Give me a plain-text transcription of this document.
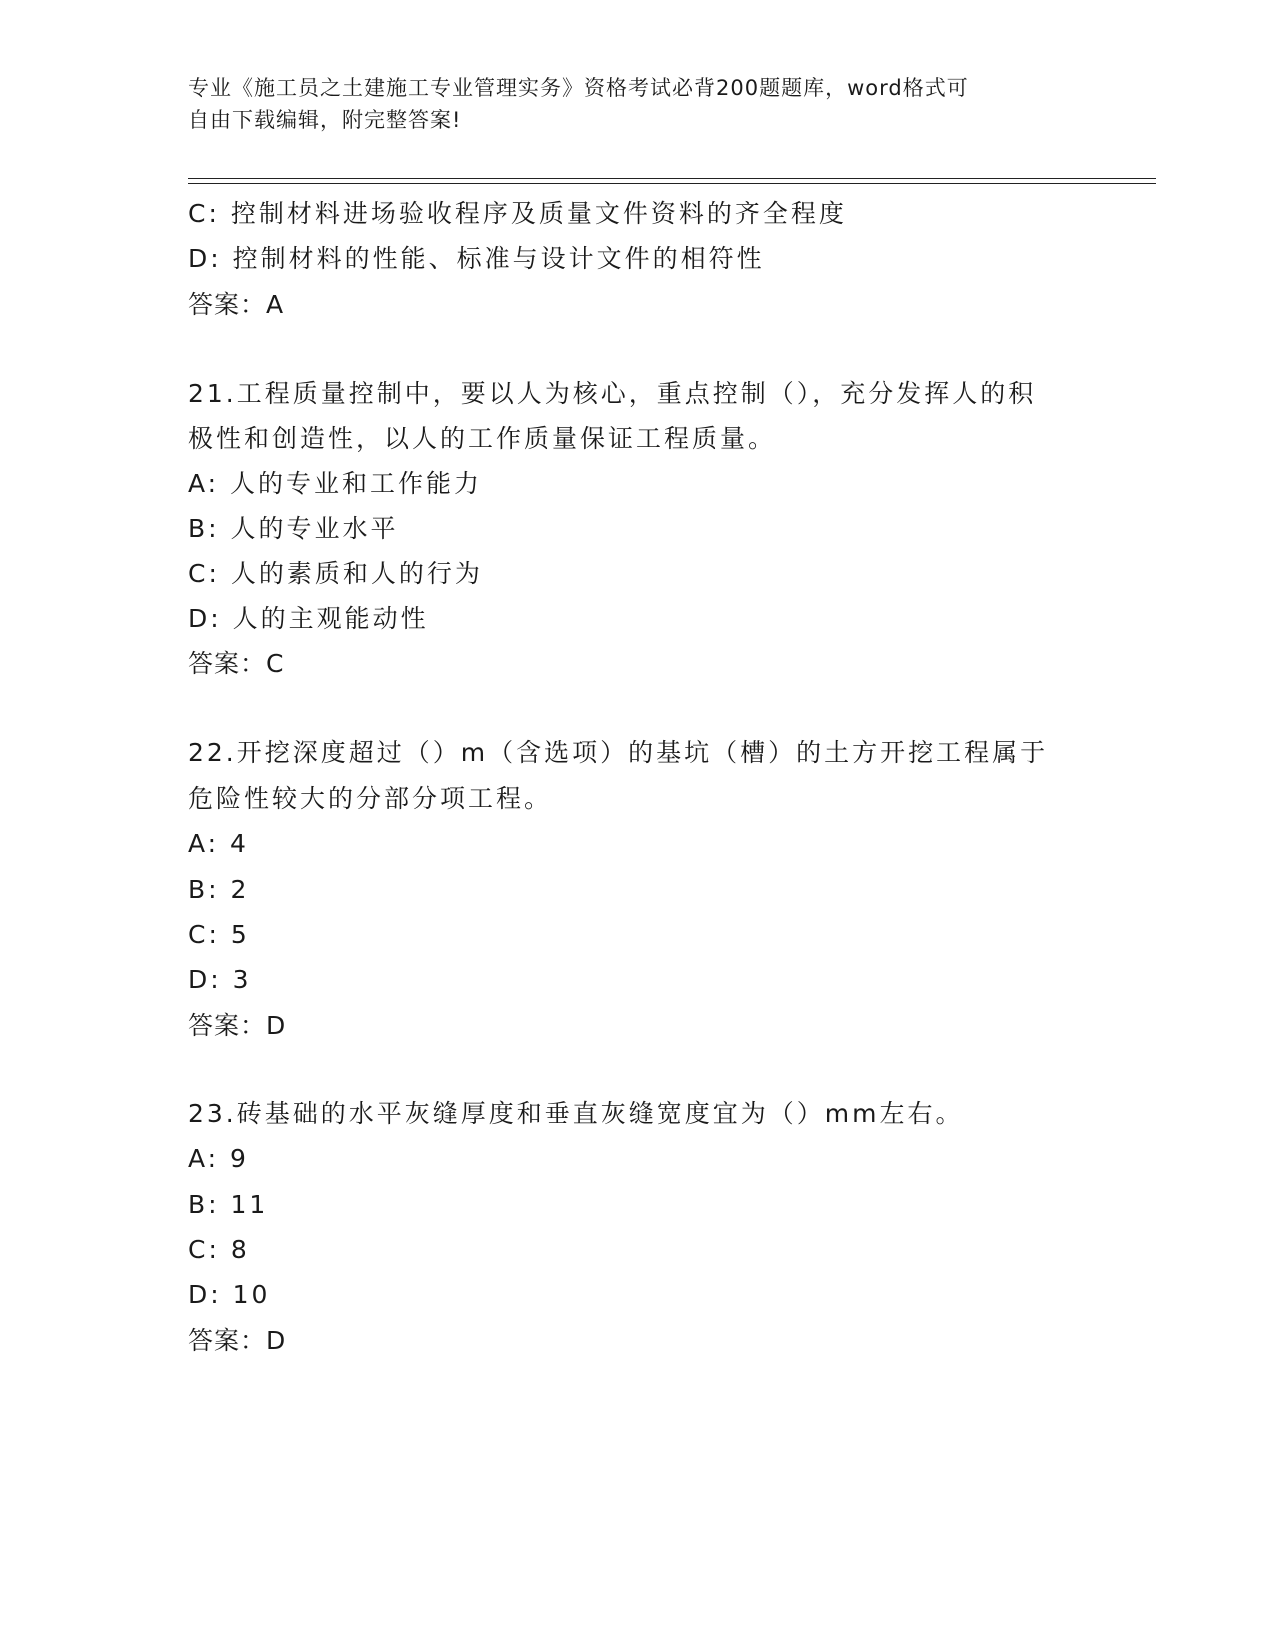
专业《施工员之土建施工专业管理实务》资格考试必背200题题库，word格式可
自由下载编辑，附完整答案!
C: 控制材料进场验收程序及质量文件资料的齐全程度
D: 控制材料的性能、标准与设计文件的相符性
答案：A
21.工程质量控制中，要以人为核心，重点控制（），充分发挥人的积
极性和创造性，以人的工作质量保证工程质量。
A: 人的专业和工作能力
B: 人的专业水平
C: 人的素质和人的行为
D: 人的主观能动性
答案：C
22.开挖深度超过（）m（含选项）的基坑（槽）的土方开挖工程属于
危险性较大的分部分项工程。
A: 4
B: 2
C: 5
D: 3
答案：D
23.砖基础的水平灰缝厚度和垂直灰缝宽度宜为（）mm左右。
A: 9
B: 11
C: 8
D: 10
答案：D
